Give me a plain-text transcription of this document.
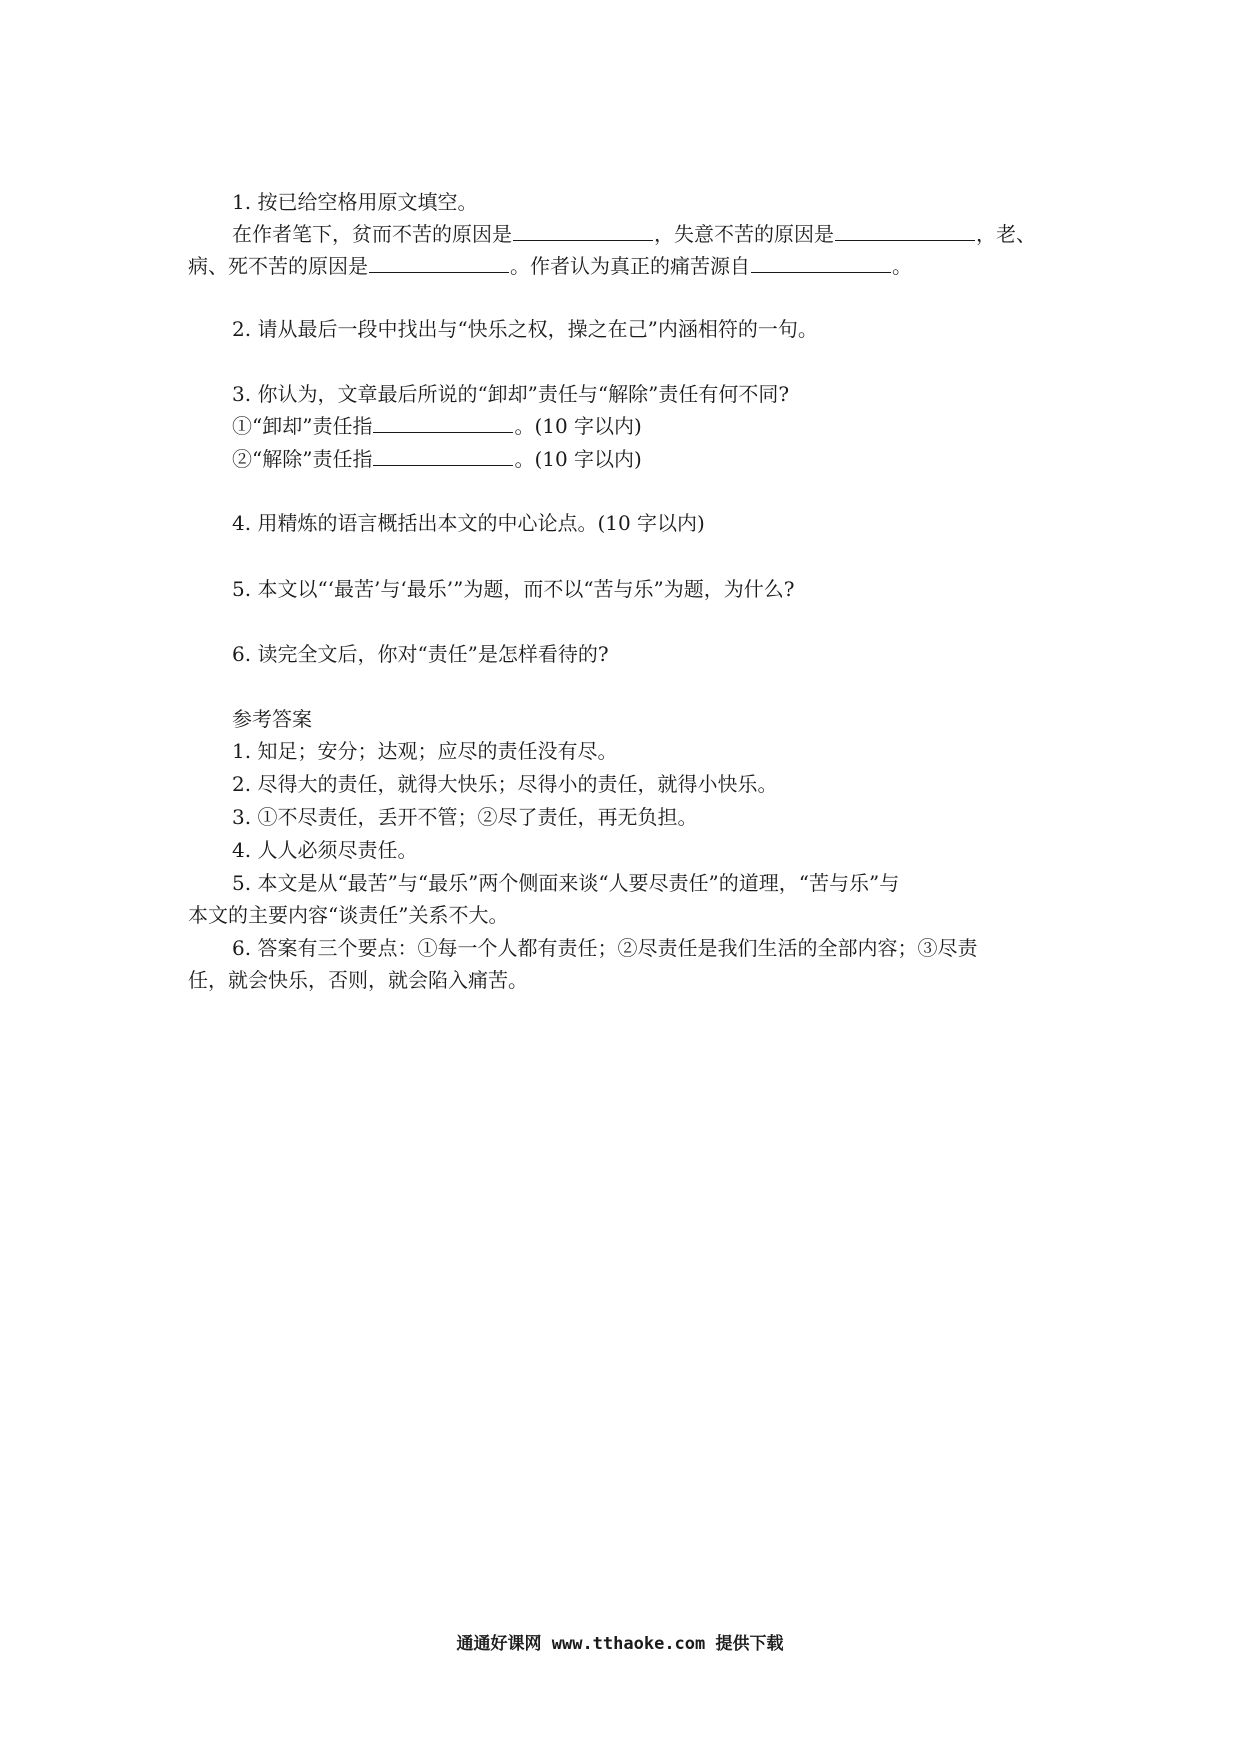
1. 按已给空格用原文填空。
在作者笔下，贫而不苦的原因是	，失意不苦的原因是	，老、
病、死不苦的原因是	。作者认为真正的痛苦源自	。
2. 请从最后一段中找出与“快乐之权，操之在己”内涵相符的一句。
3. 你认为，文章最后所说的“卸却”责任与“解除”责任有何不同?
①“卸却”责任指	。(10 字以内)
②“解除”责任指	。(10 字以内)
4. 用精炼的语言概括出本文的中心论点。(10 字以内)
5. 本文以“‘最苦’与‘最乐’”为题，而不以“苦与乐”为题，为什么?
6. 读完全文后，你对“责任”是怎样看待的?
参考答案
1. 知足；安分；达观；应尽的责任没有尽。
2. 尽得大的责任，就得大快乐；尽得小的责任，就得小快乐。
3. ①不尽责任，丢开不管；②尽了责任，再无负担。
4. 人人必须尽责任。
5. 本文是从“最苦”与“最乐”两个侧面来谈“人要尽责任”的道理，“苦与乐”与
本文的主要内容“谈责任”关系不大。
6. 答案有三个要点：①每一个人都有责任；②尽责任是我们生活的全部内容；③尽责
任，就会快乐，否则，就会陷入痛苦。
通通好课网 www.tthaoke.com 提供下载
